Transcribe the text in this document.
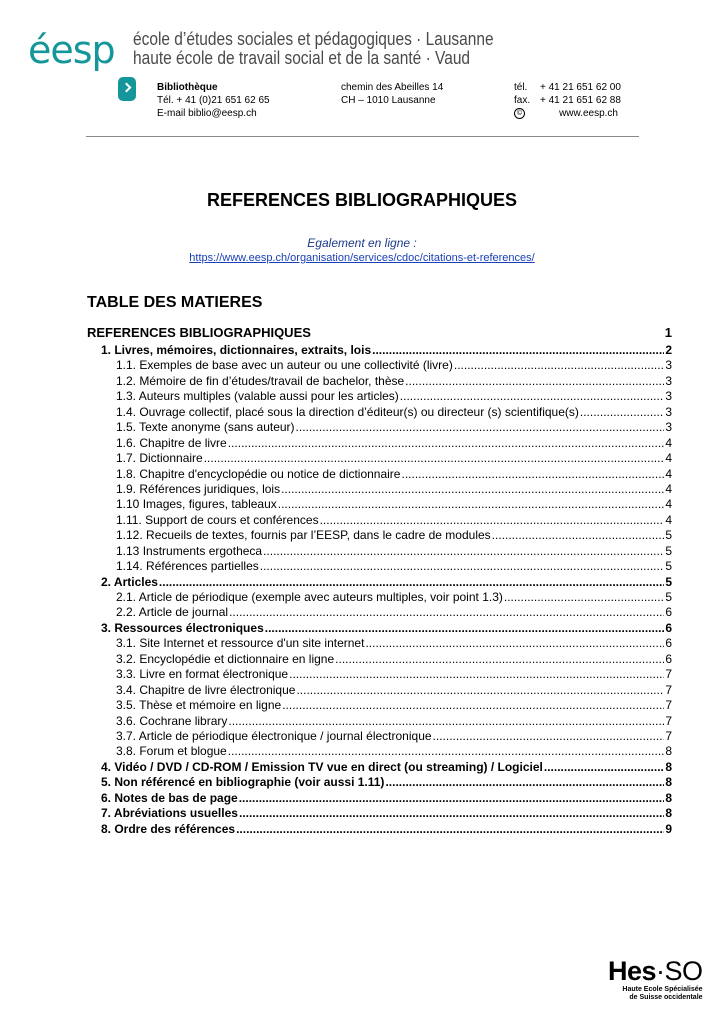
éesp école d’études sociales et pédagogiques · Lausanne
haute école de travail social et de la santé · Vaud
Bibliothèque
Tél. + 41 (0)21 651 62 65
E-mail biblio@eesp.ch
chemin des Abeilles 14
CH – 1010 Lausanne
tél.
fax.
©
+ 41 21 651 62 00
+ 41 21 651 62 88
www.eesp.ch
REFERENCES BIBLIOGRAPHIQUES
Egalement en ligne :
https://www.eesp.ch/organisation/services/cdoc/citations-et-references/
TABLE DES MATIERES
REFERENCES BIBLIOGRAPHIQUES	1
1. Livres, mémoires, dictionnaires, extraits, lois .....	2
1.1. Exemples de base avec un auteur ou une collectivité (livre) .....	3
1.2. Mémoire de fin d’études/travail de bachelor, thèse .....	3
1.3. Auteurs multiples (valable aussi pour les articles) .....	3
1.4. Ouvrage collectif, placé sous la direction d’éditeur(s) ou directeur (s) scientifique(s) .....	3
1.5. Texte anonyme (sans auteur) .....	3
1.6. Chapitre de livre .....	4
1.7. Dictionnaire .....	4
1.8. Chapitre d'encyclopédie ou notice de dictionnaire .....	4
1.9. Références juridiques, lois .....	4
1.10 Images, figures, tableaux .....	4
1.11. Support de cours et conférences .....	4
1.12. Recueils de textes, fournis par l’EESP, dans le cadre de modules .....	5
1.13 Instruments ergotheca .....	5
1.14. Références partielles .....	5
2. Articles .....	5
2.1. Article de périodique (exemple avec auteurs multiples, voir point 1.3) .....	5
2.2. Article de journal .....	6
3. Ressources électroniques .....	6
3.1. Site Internet et ressource d'un site internet .....	6
3.2. Encyclopédie et dictionnaire en ligne .....	6
3.3. Livre en format électronique .....	7
3.4. Chapitre de livre électronique .....	7
3.5. Thèse et mémoire en ligne .....	7
3.6. Cochrane library .....	7
3.7. Article de périodique électronique / journal électronique .....	7
3.8. Forum et blogue .....	8
4. Vidéo / DVD / CD-ROM / Emission TV vue en direct (ou streaming) / Logiciel .....	8
5. Non référencé en bibliographie (voir aussi 1.11) .....	8
6. Notes de bas de page .....	8
7. Abréviations usuelles .....	8
8. Ordre des références .....	9
Hes·SO
Haute Ecole Spécialisée
de Suisse occidentale
